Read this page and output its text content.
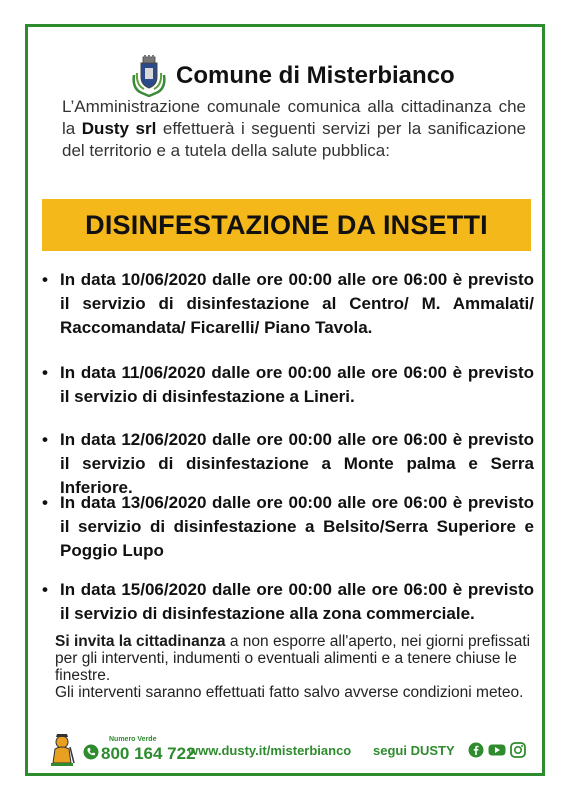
Comune di Misterbianco
L’Amministrazione comunale comunica alla cittadinanza che la Dusty srl effettuerà i seguenti servizi per la sanificazione del territorio e a tutela della salute pubblica:
DISINFESTAZIONE DA INSETTI
• In data 10/06/2020 dalle ore 00:00 alle ore 06:00 è previsto il servizio di disinfestazione al Centro/ M. Ammalati/ Raccomandata/ Ficarelli/ Piano Tavola.
• In data 11/06/2020 dalle ore 00:00 alle ore 06:00 è previsto il servizio di disinfestazione a Lineri.
• In data 12/06/2020 dalle ore 00:00 alle ore 06:00 è previsto il servizio di disinfestazione a Monte palma e Serra Inferiore.
• In data 13/06/2020 dalle ore 00:00 alle ore 06:00 è previsto il servizio di disinfestazione a Belsito/Serra Superiore e Poggio Lupo
• In data 15/06/2020 dalle ore 00:00 alle ore 06:00 è previsto il servizio di disinfestazione alla zona commerciale.
Si invita la cittadinanza a non esporre all'aperto, nei giorni prefissati per gli interventi, indumenti o eventuali alimenti e a tenere chiuse le finestre.
Gli interventi saranno effettuati fatto salvo avverse condizioni meteo.
Numero Verde
800 164 722
www.dusty.it/misterbianco segui DUSTY
